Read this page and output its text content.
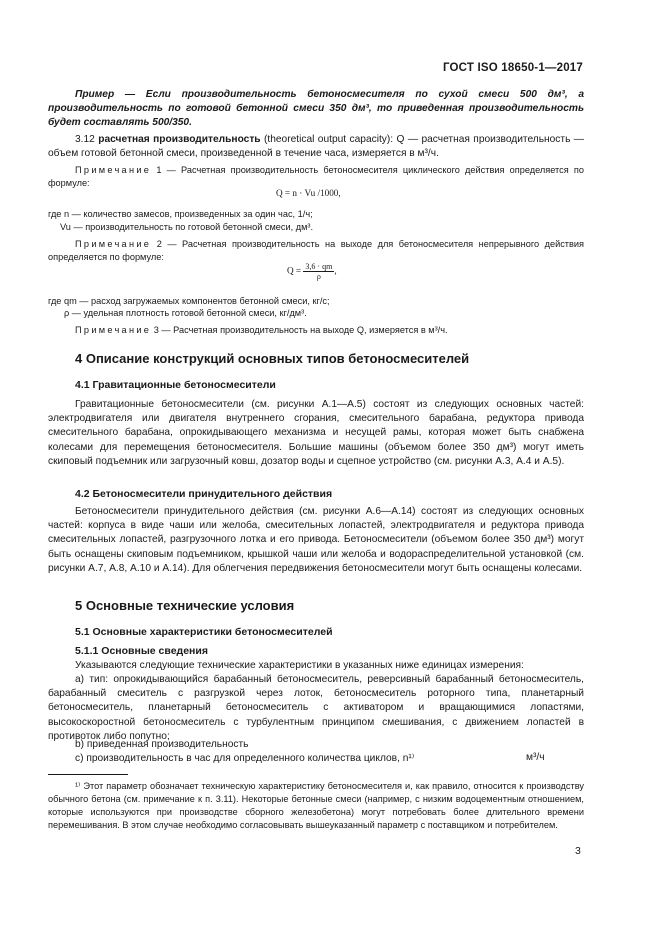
ГОСТ ISO 18650-1—2017
Пример — Если производительность бетоносмесителя по сухой смеси 500 дм³, а производительность по готовой бетонной смеси 350 дм³, то приведенная производительность будет составлять 500/350.
3.12 расчетная производительность (theoretical output capacity): Q — расчетная производительность — объем готовой бетонной смеси, произведенной в течение часа, измеряется в м³/ч.
Примечание 1 — Расчетная производительность бетоносмесителя циклического действия определяется по формуле:
Q = n · Vu /1000,
где n — количество замесов, произведенных за один час, 1/ч;
Vu — производительность по готовой бетонной смеси, дм³.
Примечание 2 — Расчетная производительность на выходе для бетоносмесителя непрерывного действия определяется по формуле:
$Q = \frac{3,6 \cdot qm}{\rho}$ ,
где qm — расход загружаемых компонентов бетонной смеси, кг/с;
ρ — удельная плотность готовой бетонной смеси, кг/дм³.
Примечание 3 — Расчетная производительность на выходе Q, измеряется в м³/ч.
4 Описание конструкций основных типов бетоносмесителей
4.1 Гравитационные бетоносмесители
Гравитационные бетоносмесители (см. рисунки А.1—А.5) состоят из следующих основных частей: электродвигателя или двигателя внутреннего сгорания, смесительного барабана, редуктора привода смесительного барабана, опрокидывающего механизма и несущей рамы, которая может быть снабжена колесами для перемещения бетоносмесителя. Большие машины (объемом более 350 дм³) могут иметь скиповый подъемник или загрузочный ковш, дозатор воды и сцепное устройство (см. рисунки А.3, А.4 и А.5).
4.2 Бетоносмесители принудительного действия
Бетоносмесители принудительного действия (см. рисунки А.6—А.14) состоят из следующих основных частей: корпуса в виде чаши или желоба, смесительных лопастей, электродвигателя и редуктора привода смесительных лопастей, разгрузочного лотка и его привода. Бетоносмесители (объемом более 350 дм³) могут быть оснащены скиповым подъемником, крышкой чаши или желоба и водораспределительной установкой (см. рисунки А.7, А.8, А.10 и А.14). Для облегчения передвижения бетоносмесители могут быть оснащены колесами.
5 Основные технические условия
5.1 Основные характеристики бетоносмесителей
5.1.1 Основные сведения
Указываются следующие технические характеристики в указанных ниже единицах измерения:
а) тип: опрокидывающийся барабанный бетоносмеситель, реверсивный барабанный бетоносмеситель, барабанный смеситель с разгрузкой через лоток, бетоносмеситель роторного типа, планетарный бетоносмеситель, планетарный бетоносмеситель с активатором и вращающимися лопастями, высокоскоростной бетоносмеситель с турбулентным принципом смешивания, с движением лопастей в противоток либо попутно;
b) приведенная производительность
с) производительность в час для определенного количества циклов, n¹⁾	м³/ч
¹⁾ Этот параметр обозначает техническую характеристику бетоносмесителя и, как правило, относится к производству обычного бетона (см. примечание к п. 3.11). Некоторые бетонные смеси (например, с низким водоцементным отношением, которые используются при производстве сборного железобетона) могут потребовать более длительного времени перемешивания. В этом случае необходимо согласовывать вышеуказанный параметр с поставщиком и потребителем.
3
